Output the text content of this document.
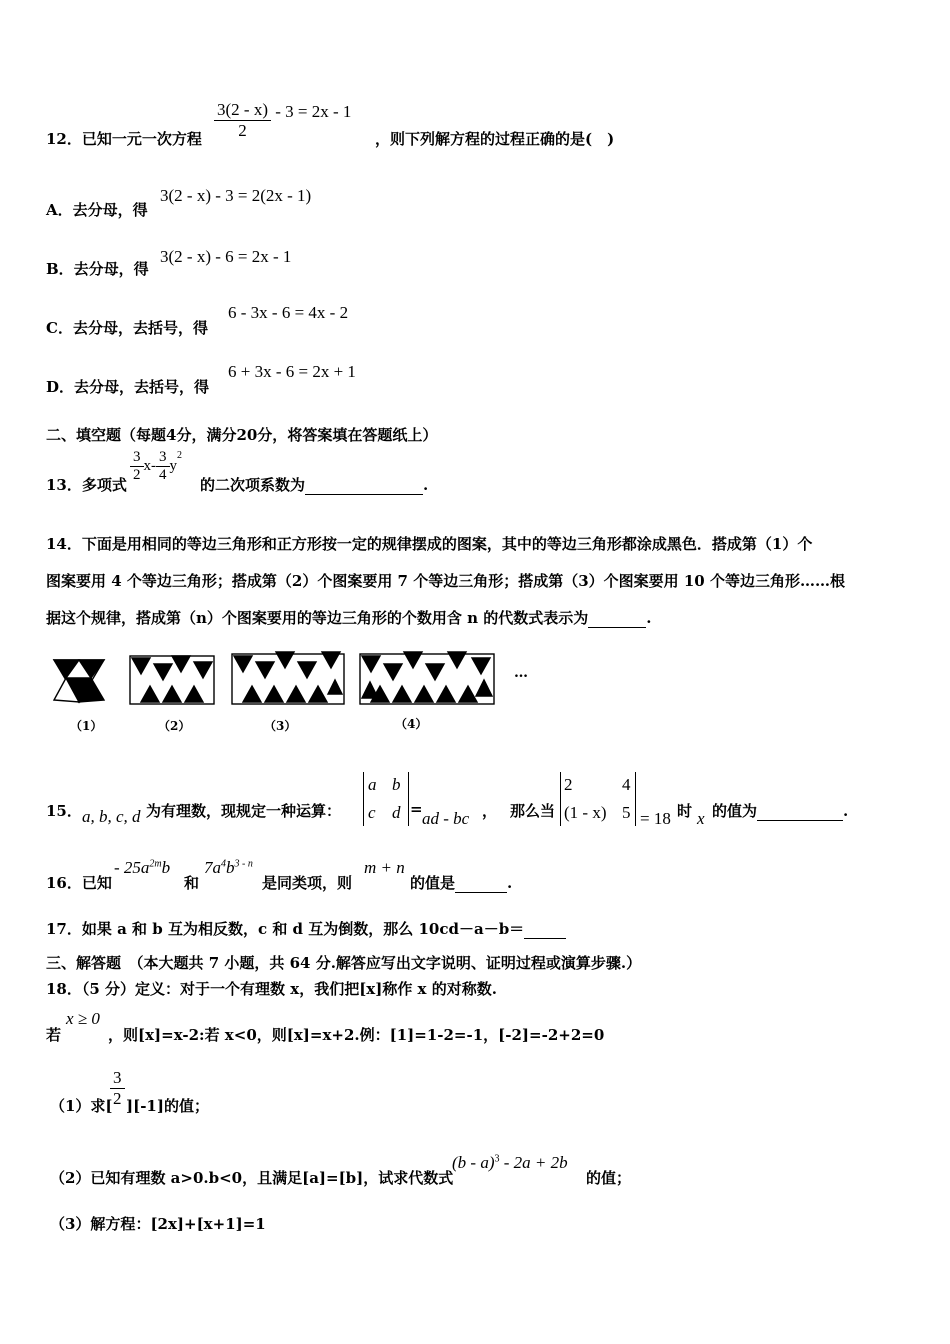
12．已知一元一次方程 $\frac{3(2 - x)}{2} - 3 = 2x - 1$
，则下列解方程的过程正确的是(　)
A．去分母，得
3(2 - x) - 3 = 2(2x - 1)
B．去分母，得
3(2 - x) - 6 = 2x - 1
C．去分母，去括号，得
6 - 3x - 6 = 4x - 2
D．去分母，去括号，得
6 + 3x - 6 = 2x + 1
二、填空题（每题4分，满分20分，将答案填在答题纸上）
13．多项式
$\frac{3}{2} x- \frac{3}{4} y^2$
的二次项系数为	.
14．下面是用相同的等边三角形和正方形按一定的规律摆成的图案，其中的等边三角形都涂成黑色．搭成第（1）个
图案要用 4 个等边三角形；搭成第（2）个图案要用 7 个等边三角形；搭成第（3）个图案要用 10 个等边三角形……根
据这个规律，搭成第（n）个图案要用的等边三角形的个数用含 n 的代数式表示为	.
…
（1）	（2）	（3）	（4）
15． a, b, c, d 为有理数，现规定一种运算：
a b
c d = ad - bc ， 那么当
2	4
(1 - x) 5 = 18 时 x 的值为	.
16．已知
- $25a^{2m}b$
和
$7a^4b^{3 - n}$
是同类项，则
m + n
的值是	.
17．如果 a 和 b 互为相反数，c 和 d 互为倒数，那么 10cd－a－b＝
三、解答题　（本大题共 7 小题，共 64 分.解答应写出文字说明、证明过程或演算步骤.）
18．（5 分）定义：对于一个有理数 x，我们把[x]称作 x 的对称数.
若
x ≥ 0
，则[x]=x-2:若 x<0，则[x]=x+2.例：[1]=1-2=-1，[-2]=-2+2=0
（1）求[
$\frac{3}{2} ][-1]$的值；
（2）已知有理数 a>0.b<0，且满足[a]=[b]，试求代数式
(b - a)$^3$ - 2a + 2b
的值；
（3）解方程：[2x]+[x+1]=1
